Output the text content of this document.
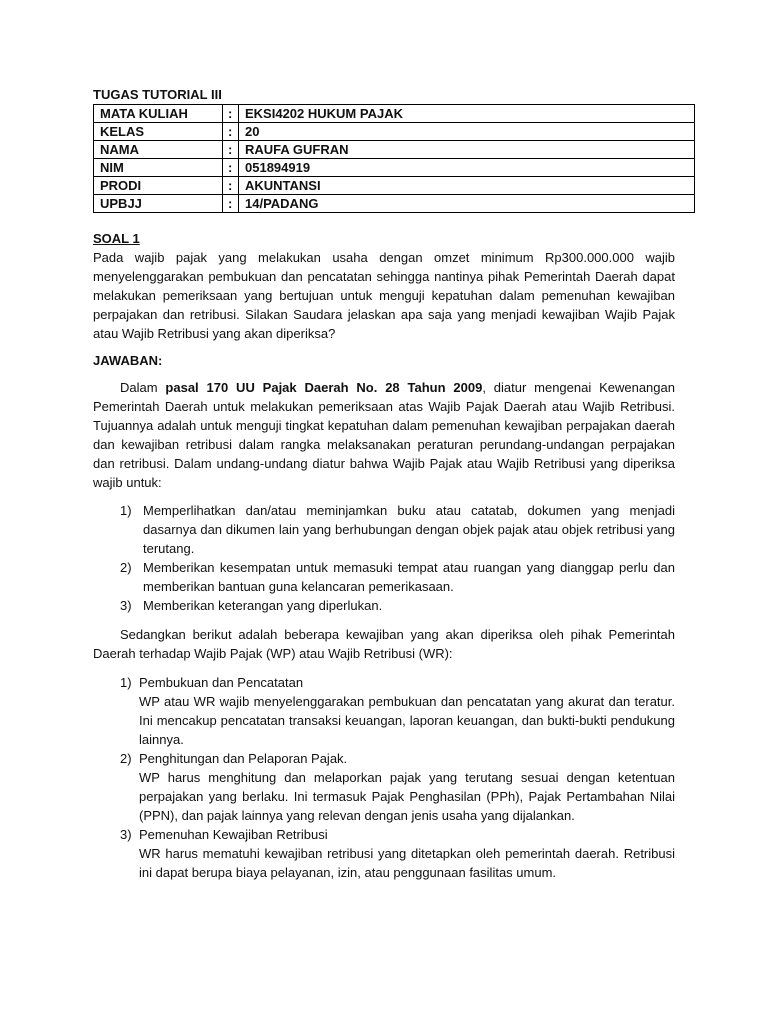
TUGAS TUTORIAL III

MATA KULIAH	:	EKSI4202 HUKUM PAJAK
KELAS	:	20
NAMA	:	RAUFA GUFRAN
NIM	:	051894919
PRODI	:	AKUNTANSI
UPBJJ	:	14/PADANG
SOAL 1

Pada wajib pajak yang melakukan usaha dengan omzet minimum Rp300.000.000 wajib menyelenggarakan pembukuan dan pencatatan sehingga nantinya pihak Pemerintah Daerah dapat melakukan pemeriksaan yang bertujuan untuk menguji kepatuhan dalam pemenuhan kewajiban perpajakan dan retribusi. Silakan Saudara jelaskan apa saja yang menjadi kewajiban Wajib Pajak atau Wajib Retribusi yang akan diperiksa?

JAWABAN:

Dalam pasal 170 UU Pajak Daerah No. 28 Tahun 2009, diatur mengenai Kewenangan Pemerintah Daerah untuk melakukan pemeriksaan atas Wajib Pajak Daerah atau Wajib Retribusi. Tujuannya adalah untuk menguji tingkat kepatuhan dalam pemenuhan kewajiban perpajakan daerah dan kewajiban retribusi dalam rangka melaksanakan peraturan perundang-undangan perpajakan dan retribusi. Dalam undang-undang diatur bahwa Wajib Pajak atau Wajib Retribusi yang diperiksa wajib untuk:

1) Memperlihatkan dan/atau meminjamkan buku atau catatab, dokumen yang menjadi dasarnya dan dikumen lain yang berhubungan dengan objek pajak atau objek retribusi yang terutang.
2) Memberikan kesempatan untuk memasuki tempat atau ruangan yang dianggap perlu dan memberikan bantuan guna kelancaran pemerikasaan.
3) Memberikan keterangan yang diperlukan.

Sedangkan berikut adalah beberapa kewajiban yang akan diperiksa oleh pihak Pemerintah Daerah terhadap Wajib Pajak (WP) atau Wajib Retribusi (WR):

1) Pembukuan dan Pencatatan
WP atau WR wajib menyelenggarakan pembukuan dan pencatatan yang akurat dan teratur. Ini mencakup pencatatan transaksi keuangan, laporan keuangan, dan bukti-bukti pendukung lainnya.
2) Penghitungan dan Pelaporan Pajak.
WP harus menghitung dan melaporkan pajak yang terutang sesuai dengan ketentuan perpajakan yang berlaku. Ini termasuk Pajak Penghasilan (PPh), Pajak Pertambahan Nilai (PPN), dan pajak lainnya yang relevan dengan jenis usaha yang dijalankan.
3) Pemenuhan Kewajiban Retribusi
WR harus mematuhi kewajiban retribusi yang ditetapkan oleh pemerintah daerah. Retribusi ini dapat berupa biaya pelayanan, izin, atau penggunaan fasilitas umum.
